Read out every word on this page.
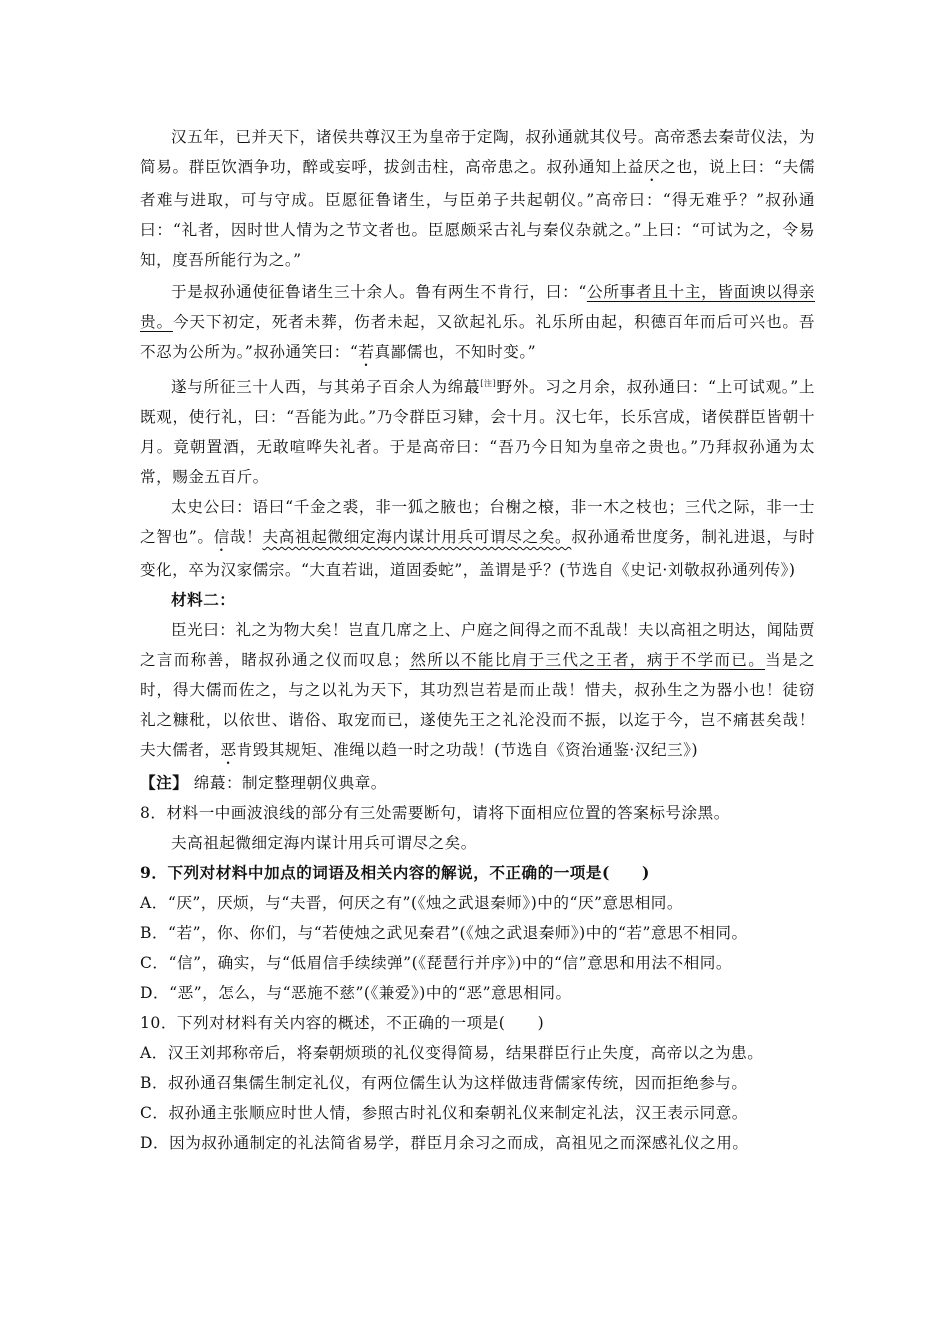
汉五年，已并天下，诸侯共尊汉王为皇帝于定陶，叔孙通就其仪号。高帝悉去秦苛仪法，为简易。群臣饮酒争功，醉或妄呼，拔剑击柱，高帝患之。叔孙通知上益厌之也，说上曰：“夫儒者难与进取，可与守成。臣愿征鲁诸生，与臣弟子共起朝仪。”高帝曰：“得无难乎？”叔孙通曰：“礼者，因时世人情为之节文者也。臣愿颇采古礼与秦仪杂就之。”上曰：“可试为之，令易知，度吾所能行为之。”

于是叔孙通使征鲁诸生三十余人。鲁有两生不肯行，曰：“公所事者且十主，皆面谀以得亲贵。今天下初定，死者未葬，伤者未起，又欲起礼乐。礼乐所由起，积德百年而后可兴也。吾不忍为公所为。”叔孙通笑曰：“若真鄙儒也，不知时变。”

遂与所征三十人西，与其弟子百余人为绵蕞[注]野外。习之月余，叔孙通曰：“上可试观。”上既观，使行礼，曰：“吾能为此。”乃令群臣习肄，会十月。汉七年，长乐宫成，诸侯群臣皆朝十月。竟朝置酒，无敢喧哗失礼者。于是高帝曰：“吾乃今日知为皇帝之贵也。”乃拜叔孙通为太常，赐金五百斤。

太史公曰：语曰“千金之裘，非一狐之腋也；台榭之榱，非一木之枝也；三代之际，非一士之智也”。信哉！夫高祖起微细定海内谋计用兵可谓尽之矣。叔孙通希世度务，制礼进退，与时变化，卒为汉家儒宗。“大直若诎，道固委蛇”，盖谓是乎？(节选自《史记·刘敬叔孙通列传》)

材料二：

臣光曰：礼之为物大矣！岂直几席之上、户庭之间得之而不乱哉！夫以高祖之明达，闻陆贾之言而称善，睹叔孙通之仪而叹息；然所以不能比肩于三代之王者，病于不学而已。当是之时，得大儒而佐之，与之以礼为天下，其功烈岂若是而止哉！惜夫，叔孙生之为器小也！徒窃礼之糠秕，以依世、谐俗、取宠而已，遂使先王之礼沦没而不振，以迄于今，岂不痛甚矣哉！夫大儒者，恶肯毁其规矩、准绳以趋一时之功哉！(节选自《资治通鉴·汉纪三》)

【注】 绵蕞：制定整理朝仪典章。

8．材料一中画波浪线的部分有三处需要断句，请将下面相应位置的答案标号涂黑。

夫高祖起微细定海内谋计用兵可谓尽之矣。

9．下列对材料中加点的词语及相关内容的解说，不正确的一项是(　　)

A．“厌”，厌烦，与“夫晋，何厌之有”(《烛之武退秦师》)中的“厌”意思相同。

B．“若”，你、你们，与“若使烛之武见秦君”(《烛之武退秦师》)中的“若”意思不相同。

C．“信”，确实，与“低眉信手续续弹”(《琵琶行并序》)中的“信”意思和用法不相同。

D．“恶”，怎么，与“恶施不慈”(《兼爱》)中的“恶”意思相同。

10．下列对材料有关内容的概述，不正确的一项是(　　)

A．汉王刘邦称帝后，将秦朝烦琐的礼仪变得简易，结果群臣行止失度，高帝以之为患。

B．叔孙通召集儒生制定礼仪，有两位儒生认为这样做违背儒家传统，因而拒绝参与。

C．叔孙通主张顺应时世人情，参照古时礼仪和秦朝礼仪来制定礼法，汉王表示同意。

D．因为叔孙通制定的礼法简省易学，群臣月余习之而成，高祖见之而深感礼仪之用。
